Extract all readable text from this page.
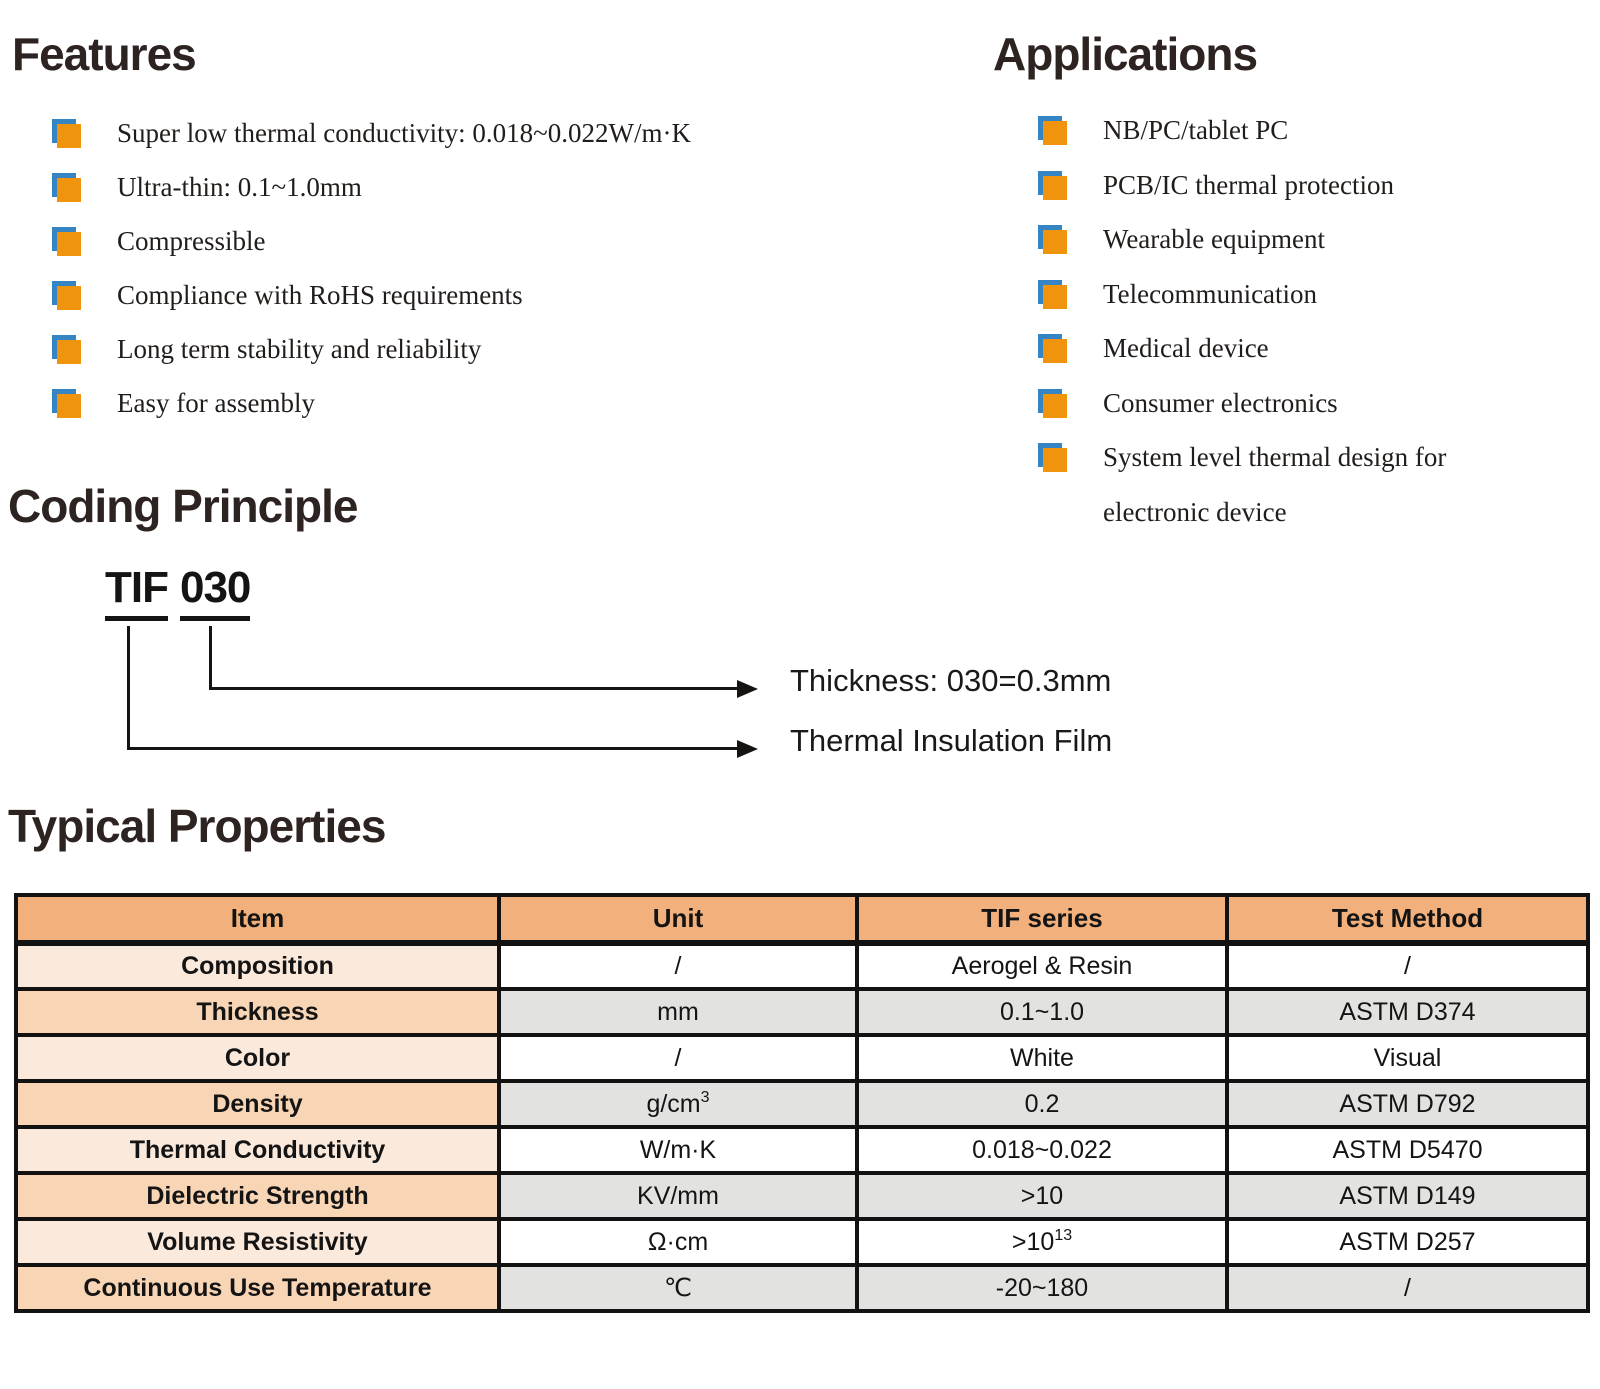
Features
Super low thermal conductivity: 0.018~0.022W/m·K
Ultra-thin: 0.1~1.0mm
Compressible
Compliance with RoHS requirements
Long term stability and reliability
Easy for assembly
Applications
NB/PC/tablet PC
PCB/IC thermal protection
Wearable equipment
Telecommunication
Medical device
Consumer electronics
System level thermal design for electronic device
Coding Principle
TIF 030
Thickness: 030=0.3mm
Thermal Insulation Film
Typical Properties
Item	Unit	TIF series	Test Method
Composition	/	Aerogel & Resin	/
Thickness	mm	0.1~1.0	ASTM D374
Color	/	White	Visual
Density	$g/cm^3$	0.2	ASTM D792
Thermal Conductivity	W/m·K	0.018~0.022	ASTM D5470
Dielectric Strength	KV/mm	>10	ASTM D149
Volume Resistivity	Ω·cm	$>10^{13}$	ASTM D257
Continuous Use Temperature	℃	-20~180	/
